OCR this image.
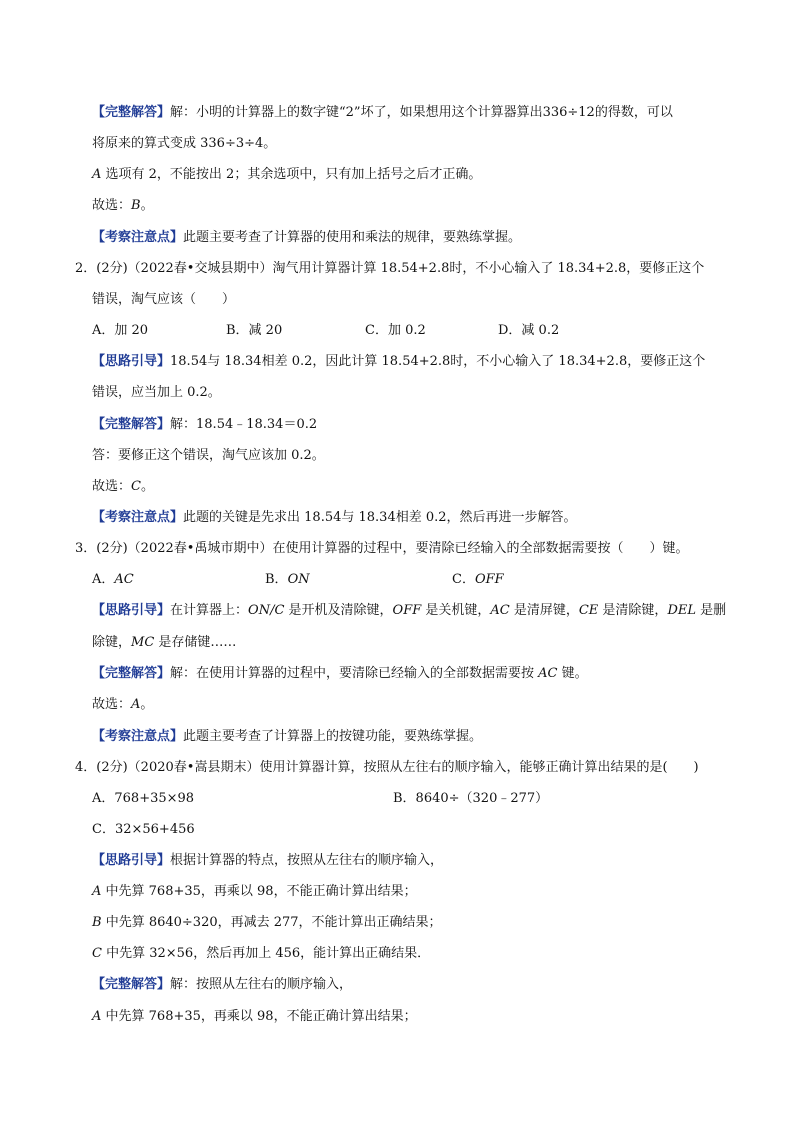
【完整解答】解：小明的计算器上的数字键“2”坏了，如果想用这个计算器算出336÷12的得数，可以
将原来的算式变成 336÷3÷4。
A 选项有 2，不能按出 2；其余选项中，只有加上括号之后才正确。
故选：B。
【考察注意点】此题主要考查了计算器的使用和乘法的规律，要熟练掌握。
2．(2分)（2022春•交城县期中）淘气用计算器计算 18.54+2.8时，不小心输入了 18.34+2.8，要修正这个
错误，淘气应该（　　）
【思路引导】18.54与 18.34相差 0.2，因此计算 18.54+2.8时，不小心输入了 18.34+2.8，要修正这个
错误，应当加上 0.2。
【完整解答】解：18.54﹣18.34＝0.2
答：要修正这个错误，淘气应该加 0.2。
故选：C。
【考察注意点】此题的关键是先求出 18.54与 18.34相差 0.2，然后再进一步解答。
3．(2分)（2022春•禹城市期中）在使用计算器的过程中，要清除已经输入的全部数据需要按（　　）键。
【思路引导】在计算器上：ON/C 是开机及清除键，OFF 是关机键，AC 是清屏键，CE 是清除键，DEL 是删
除键，MC 是存储键……
【完整解答】解：在使用计算器的过程中，要清除已经输入的全部数据需要按 AC 键。
故选：A。
【考察注意点】此题主要考查了计算器上的按键功能，要熟练掌握。
4．(2分)（2020春•嵩县期末）使用计算器计算，按照从左往右的顺序输入，能够正确计算出结果的是(　　)
C．32×56+456
【思路引导】根据计算器的特点，按照从左往右的顺序输入，
A 中先算 768+35，再乘以 98，不能正确计算出结果；
B 中先算 8640÷320，再减去 277，不能计算出正确结果；
C 中先算 32×56，然后再加上 456，能计算出正确结果．
【完整解答】解：按照从左往右的顺序输入，
A 中先算 768+35，再乘以 98，不能正确计算出结果；
A．加 20	B．减 20	C．加 0.2	D．减 0.2
A．AC	B．ON	C．OFF
A．768+35×98	B．8640÷（320﹣277）
